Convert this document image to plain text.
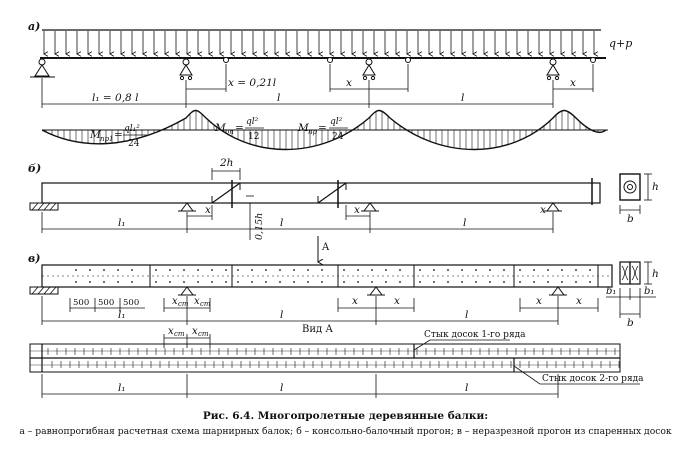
а)
q+p
l₁ = 0,8 l
x = 0,21l	x	x
l	l
M пр1 = ql₁²
24
M оп = ql²
12
M пр = ql²
24
б)	2h
0,15h
x	x	x
l₁	l	l	b
h
A
в)
500 500 500	x ст x ст	x	x	x	x
l₁	l	l
h
b₁	b₁
b
Вид А	Стык досок 1-го ряда
Стык досок 2-го ряда
x ст x ст
l₁	l	l
Рис. 6.4. Многопролетные деревянные балки:
а – равнопрогибная расчетная схема шарнирных балок; б – консольно-балочный прогон; в – неразрезной прогон из спаренных досок
